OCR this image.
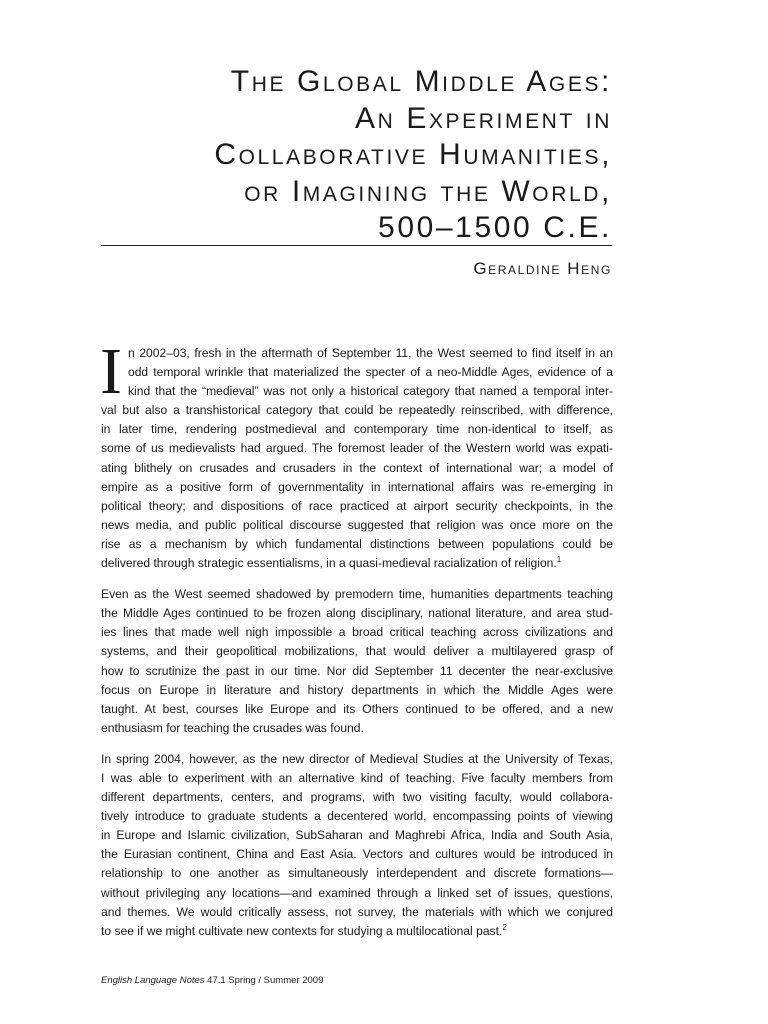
The Global Middle Ages:
An Experiment in
Collaborative Humanities,
or Imagining the World,
500–1500 C.E.
Geraldine Heng

I n 2002–03, fresh in the aftermath of September 11, the West seemed to find itself in an
odd temporal wrinkle that materialized the specter of a neo-Middle Ages, evidence of a
kind that the “medieval” was not only a historical category that named a temporal inter-
val but also a transhistorical category that could be repeatedly reinscribed, with difference,
in later time, rendering postmedieval and contemporary time non-identical to itself, as
some of us medievalists had argued. The foremost leader of the Western world was expati-
ating blithely on crusades and crusaders in the context of international war; a model of
empire as a positive form of governmentality in international affairs was re-emerging in
political theory; and dispositions of race practiced at airport security checkpoints, in the
news media, and public political discourse suggested that religion was once more on the
rise as a mechanism by which fundamental distinctions between populations could be
delivered through strategic essentialisms, in a quasi-medieval racialization of religion.$^1$

Even as the West seemed shadowed by premodern time, humanities departments teaching
the Middle Ages continued to be frozen along disciplinary, national literature, and area stud-
ies lines that made well nigh impossible a broad critical teaching across civilizations and
systems, and their geopolitical mobilizations, that would deliver a multilayered grasp of
how to scrutinize the past in our time. Nor did September 11 decenter the near-exclusive
focus on Europe in literature and history departments in which the Middle Ages were
taught. At best, courses like Europe and its Others continued to be offered, and a new
enthusiasm for teaching the crusades was found.

In spring 2004, however, as the new director of Medieval Studies at the University of Texas,
I was able to experiment with an alternative kind of teaching. Five faculty members from
different departments, centers, and programs, with two visiting faculty, would collabora-
tively introduce to graduate students a decentered world, encompassing points of viewing
in Europe and Islamic civilization, SubSaharan and Maghrebi Africa, India and South Asia,
the Eurasian continent, China and East Asia. Vectors and cultures would be introduced in
relationship to one another as simultaneously interdependent and discrete formations—
without privileging any locations—and examined through a linked set of issues, questions,
and themes. We would critically assess, not survey, the materials with which we conjured
to see if we might cultivate new contexts for studying a multilocational past.$^2$

English Language Notes 47.1 Spring / Summer 2009
